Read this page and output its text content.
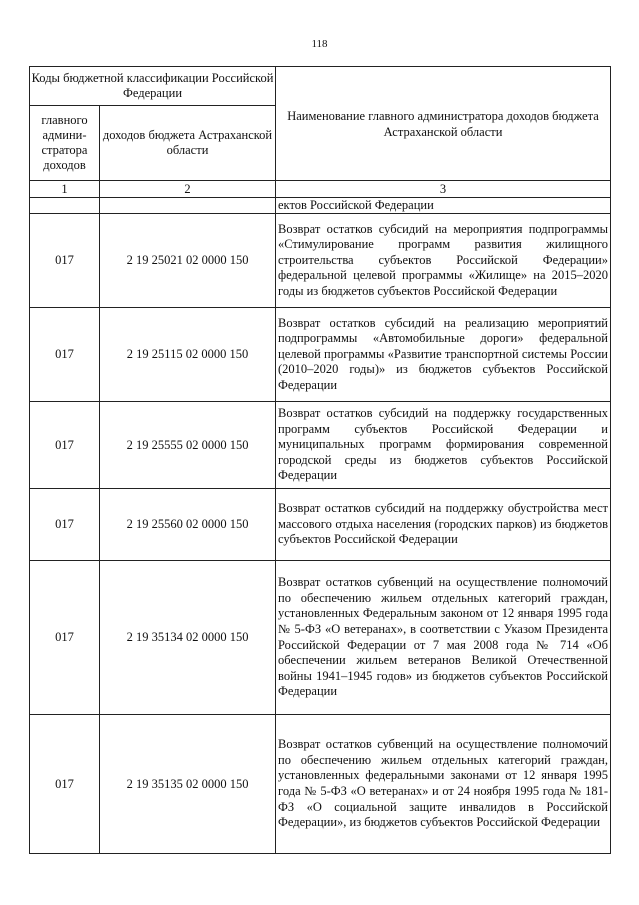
118
Коды бюджетной классификации Российской Федерации		Наименование главного администратора доходов бюджета Астраханской области
главного админи-стратора доходов	доходов бюджета Астраханской области	
1	2	3
		ектов Российской Федерации
017	2 19 25021 02 0000 150	Возврат остатков субсидий на мероприятия подпрограммы «Стимулирование программ развития жилищного строительства субъектов Российской Федерации» федеральной целевой программы «Жилище» на 2015–2020 годы из бюджетов субъектов Российской Федерации
017	2 19 25115 02 0000 150	Возврат остатков субсидий на реализацию мероприятий подпрограммы «Автомобильные дороги» федеральной целевой программы «Развитие транспортной системы России (2010–2020 годы)» из бюджетов субъектов Российской Федерации
017	2 19 25555 02 0000 150	Возврат остатков субсидий на поддержку государственных программ субъектов Российской Федерации и муниципальных программ формирования современной городской среды из бюджетов субъектов Российской Федерации
017	2 19 25560 02 0000 150	Возврат остатков субсидий на поддержку обустройства мест массового отдыха населения (городских парков) из бюджетов субъектов Российской Федерации
017	2 19 35134 02 0000 150	Возврат остатков субвенций на осуществление полномочий по обеспечению жильем отдельных категорий граждан, установленных Федеральным законом от 12 января 1995 года № 5-ФЗ «О ветеранах», в соответствии с Указом Президента Российской Федерации от 7 мая 2008 года № 714 «Об обеспечении жильем ветеранов Великой Отечественной войны 1941–1945 годов» из бюджетов субъектов Российской Федерации
017	2 19 35135 02 0000 150	Возврат остатков субвенций на осуществление полномочий по обеспечению жильем отдельных категорий граждан, установленных федеральными законами от 12 января 1995 года № 5-ФЗ «О ветеранах» и от 24 ноября 1995 года № 181-ФЗ «О социальной защите инвалидов в Российской Федерации», из бюджетов субъектов Российской Федерации
